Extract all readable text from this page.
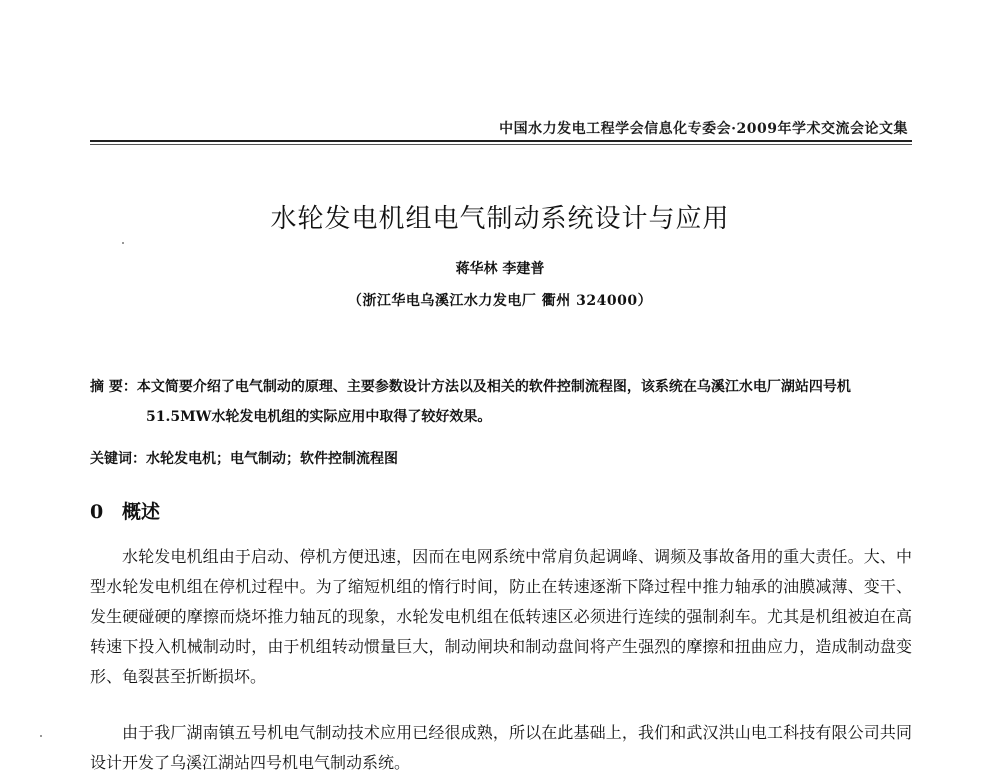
中国水力发电工程学会信息化专委会·2009年学术交流会论文集
水轮发电机组电气制动系统设计与应用
蒋华林 李建普
（浙江华电乌溪江水力发电厂 衢州 324000）
摘 要：本文简要介绍了电气制动的原理、主要参数设计方法以及相关的软件控制流程图，该系统在乌溪江水电厂湖站四号机
51.5MW水轮发电机组的实际应用中取得了较好效果。
关键词：水轮发电机；电气制动；软件控制流程图
0 概述

水轮发电机组由于启动、停机方便迅速，因而在电网系统中常肩负起调峰、调频及事故备用的重大责任。大、中型水轮发电机组在停机过程中。为了缩短机组的惰行时间，防止在转速逐渐下降过程中推力轴承的油膜减薄、变干、发生硬碰硬的摩擦而烧坏推力轴瓦的现象，水轮发电机组在低转速区必须进行连续的强制刹车。尤其是机组被迫在高转速下投入机械制动时，由于机组转动惯量巨大，制动闸块和制动盘间将产生强烈的摩擦和扭曲应力，造成制动盘变形、龟裂甚至折断损坏。

由于我厂湖南镇五号机电气制动技术应用已经很成熟，所以在此基础上，我们和武汉洪山电工科技有限公司共同设计开发了乌溪江湖站四号机电气制动系统。
